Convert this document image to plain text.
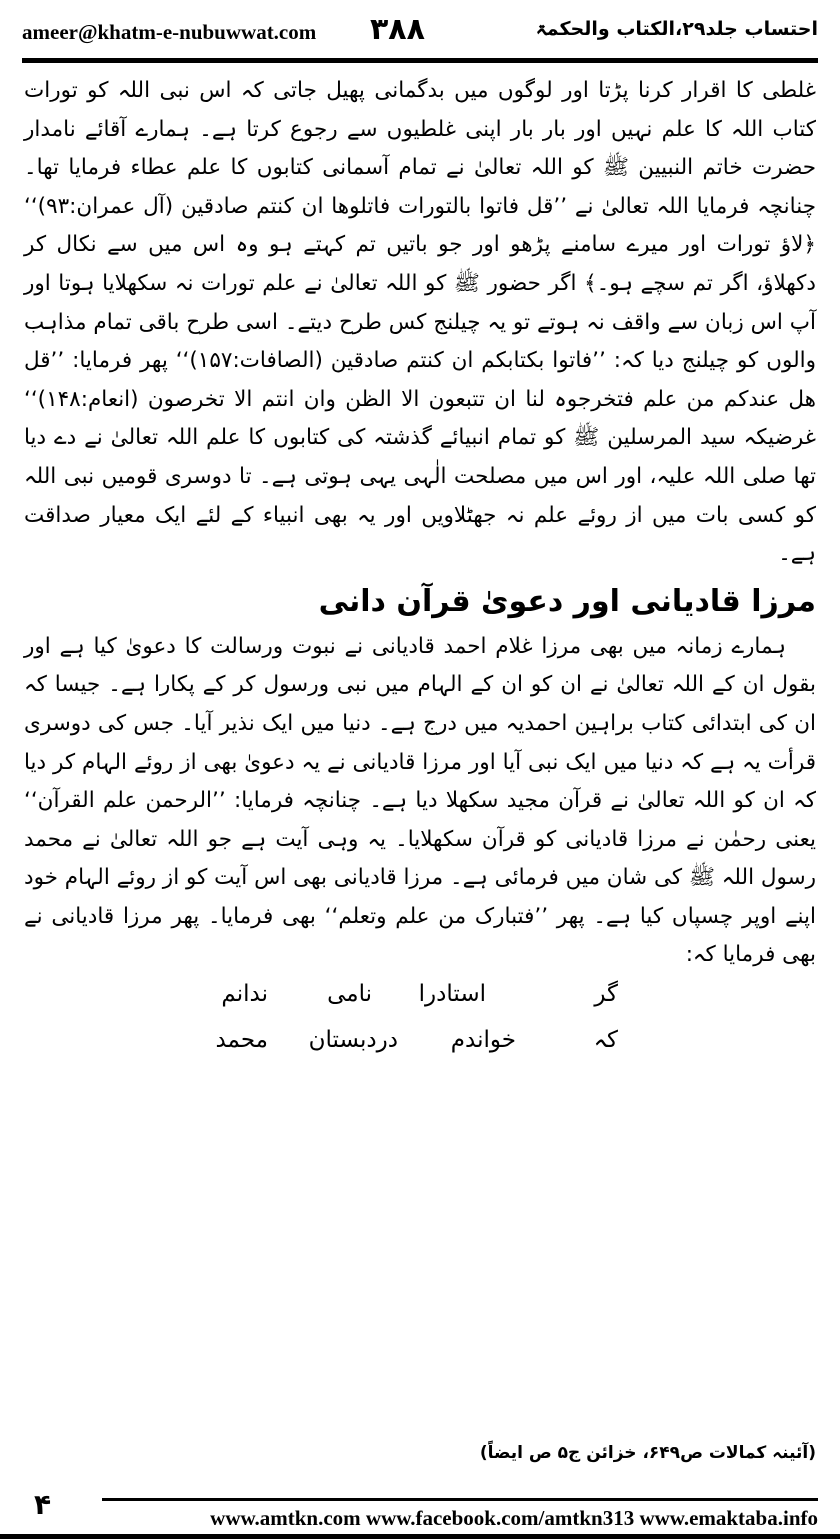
ameer@khatm-e-nubuwwat.com ۳۸۸	احتساب جلد۲۹،الکتاب والحکمۃ

غلطی کا اقرار کرنا پڑتا اور لوگوں میں بدگمانی پھیل جاتی کہ اس نبی اللہ کو تورات کتاب اللہ کا علم نہیں اور بار بار اپنی غلطیوں سے رجوع کرتا ہے۔ ہمارے آقائے نامدار حضرت خاتم النبیین ﷺ کو اللہ تعالیٰ نے تمام آسمانی کتابوں کا علم عطاء فرمایا تھا۔ چنانچہ فرمایا اللہ تعالیٰ نے ’’قل فاتوا بالتورات فاتلوھا ان کنتم صادقین (آل عمران:۹۳)‘‘ ﴿لاؤ تورات اور میرے سامنے پڑھو اور جو باتیں تم کہتے ہو وہ اس میں سے نکال کر دکھلاؤ، اگر تم سچے ہو۔﴾ اگر حضور ﷺ کو اللہ تعالیٰ نے علم تورات نہ سکھلایا ہوتا اور آپ اس زبان سے واقف نہ ہوتے تو یہ چیلنج کس طرح دیتے۔ اسی طرح باقی تمام مذاہب والوں کو چیلنج دیا کہ: ’’فاتوا بکتابکم ان کنتم صادقین (الصافات:۱۵۷)‘‘ پھر فرمایا: ’’قل ھل عندکم من علم فتخرجوہ لنا ان تتبعون الا الظن وان انتم الا تخرصون (انعام:۱۴۸)‘‘ غرضیکہ سید المرسلین ﷺ کو تمام انبیائے گذشتہ کی کتابوں کا علم اللہ تعالیٰ نے دے دیا تھا صلی اللہ علیہ، اور اس میں مصلحت الٰہی یہی ہوتی ہے۔ تا دوسری قومیں نبی اللہ کو کسی بات میں از روئے علم نہ جھٹلاویں اور یہ بھی انبیاء کے لئے ایک معیار صداقت ہے۔

مرزا قادیانی اور دعویٰ قرآن دانی

ہمارے زمانہ میں بھی مرزا غلام احمد قادیانی نے نبوت ورسالت کا دعویٰ کیا ہے اور بقول ان کے اللہ تعالیٰ نے ان کو ان کے الہام میں نبی ورسول کر کے پکارا ہے۔ جیسا کہ ان کی ابتدائی کتاب براہین احمدیہ میں درج ہے۔ دنیا میں ایک نذیر آیا۔ جس کی دوسری قرأت یہ ہے کہ دنیا میں ایک نبی آیا اور مرزا قادیانی نے یہ دعویٰ بھی از روئے الہام کر دیا کہ ان کو اللہ تعالیٰ نے قرآن مجید سکھلا دیا ہے۔ چنانچہ فرمایا: ’’الرحمن علم القرآن‘‘ یعنی رحمٰن نے مرزا قادیانی کو قرآن سکھلایا۔ یہ وہی آیت ہے جو اللہ تعالیٰ نے محمد رسول اللہ ﷺ کی شان میں فرمائی ہے۔ مرزا قادیانی بھی اس آیت کو از روئے الہام خود اپنے اوپر چسپاں کیا ہے۔ پھر ’’فتبارک من علم وتعلم‘‘ بھی فرمایا۔ پھر مرزا قادیانی نے بھی فرمایا کہ:

گر
استادرا
نامی
ندانم
کہ
خواندم
دردبستان
محمد
(آئینہ کمالات ص۶۴۹، خزائن ج۵ ص ایضاً)
۴	www.amtkn.com www.facebook.com/amtkn313 www.emaktaba.info
